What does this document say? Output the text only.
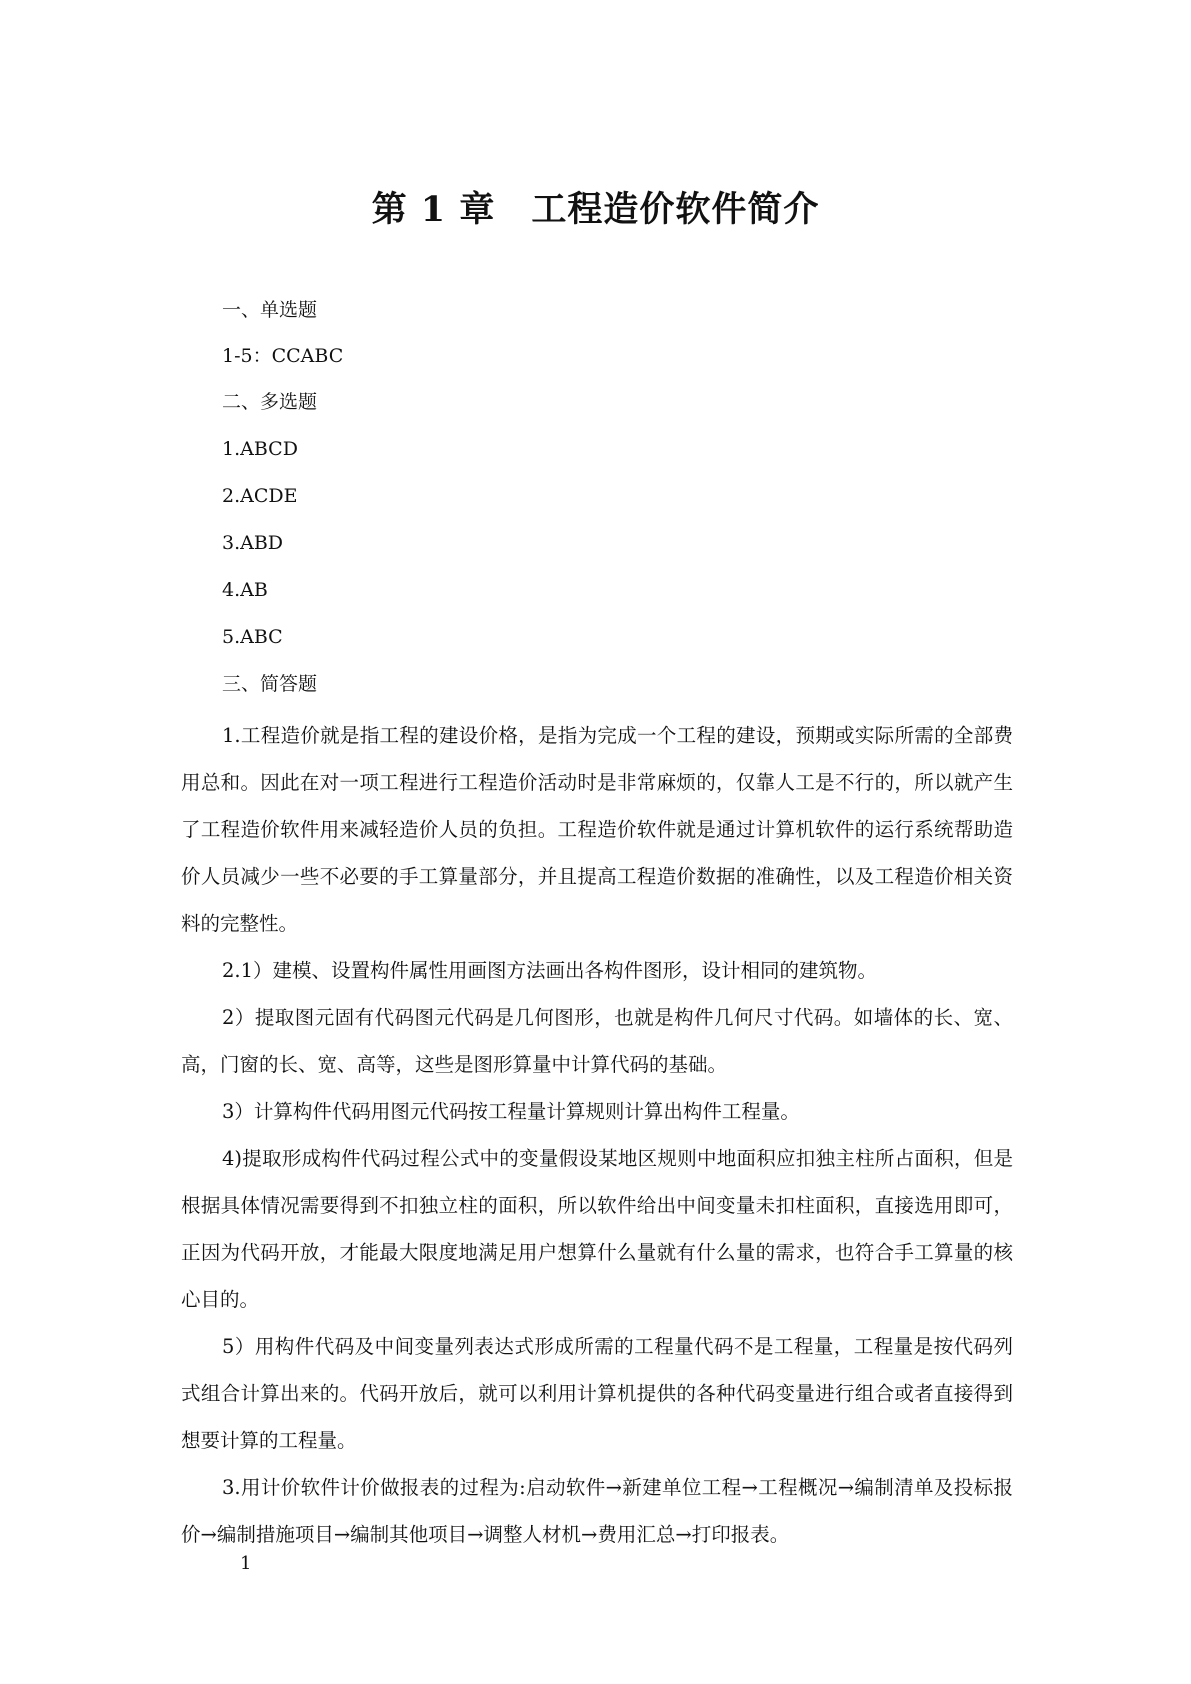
第 1 章　工程造价软件简介

一、单选题

1-5：CCABC

二、多选题

1.ABCD

2.ACDE

3.ABD

4.AB

5.ABC

三、简答题

1.工程造价就是指工程的建设价格，是指为完成一个工程的建设，预期或实际所需的全部费用总和。因此在对一项工程进行工程造价活动时是非常麻烦的，仅靠人工是不行的，所以就产生了工程造价软件用来减轻造价人员的负担。工程造价软件就是通过计算机软件的运行系统帮助造价人员减少一些不必要的手工算量部分，并且提高工程造价数据的准确性，以及工程造价相关资料的完整性。

2.1）建模、设置构件属性用画图方法画出各构件图形，设计相同的建筑物。

2）提取图元固有代码图元代码是几何图形，也就是构件几何尺寸代码。如墙体的长、宽、高，门窗的长、宽、高等，这些是图形算量中计算代码的基础。

3）计算构件代码用图元代码按工程量计算规则计算出构件工程量。

4)提取形成构件代码过程公式中的变量假设某地区规则中地面积应扣独主柱所占面积，但是根据具体情况需要得到不扣独立柱的面积，所以软件给出中间变量未扣柱面积，直接选用即可，正因为代码开放，才能最大限度地满足用户想算什么量就有什么量的需求，也符合手工算量的核心目的。

5）用构件代码及中间变量列表达式形成所需的工程量代码不是工程量，工程量是按代码列式组合计算出来的。代码开放后，就可以利用计算机提供的各种代码变量进行组合或者直接得到想要计算的工程量。

3.用计价软件计价做报表的过程为:启动软件→新建单位工程→工程概况→编制清单及投标报价→编制措施项目→编制其他项目→调整人材机→费用汇总→打印报表。

1
